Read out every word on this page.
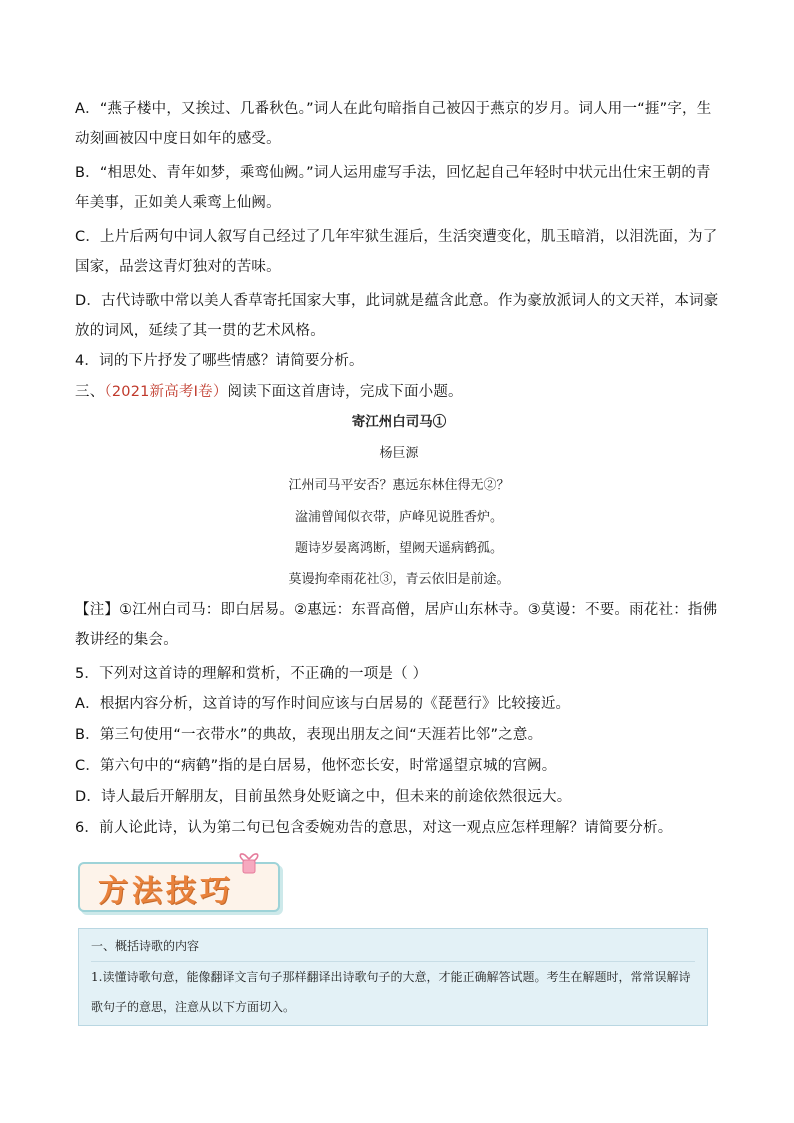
A．“燕子楼中，又挨过、几番秋色。”词人在此句暗指自己被囚于燕京的岁月。词人用一“捱”字，生动刻画被囚中度日如年的感受。

B．“相思处、青年如梦，乘鸾仙阙。”词人运用虚写手法，回忆起自己年轻时中状元出仕宋王朝的青年美事，正如美人乘鸾上仙阙。

C．上片后两句中词人叙写自己经过了几年牢狱生涯后，生活突遭变化，肌玉暗消，以泪洗面，为了国家，品尝这青灯独对的苦味。

D．古代诗歌中常以美人香草寄托国家大事，此词就是蕴含此意。作为豪放派词人的文天祥，本词豪放的词风，延续了其一贯的艺术风格。

4．词的下片抒发了哪些情感？请简要分析。

三、（2021新高考Ⅰ卷）阅读下面这首唐诗，完成下面小题。

寄江州白司马①
杨巨源
江州司马平安否？惠远东林住得无②？
湓浦曾闻似衣带，庐峰见说胜香炉。
题诗岁晏离鸿断，望阙天遥病鹤孤。
莫谩拘牵雨花社③，青云依旧是前途。

【注】①江州白司马：即白居易。②惠远：东晋高僧，居庐山东林寺。③莫谩：不要。雨花社：指佛教讲经的集会。

5．下列对这首诗的理解和赏析，不正确的一项是（ ）

A．根据内容分析，这首诗的写作时间应该与白居易的《琵琶行》比较接近。

B．第三句使用“一衣带水”的典故，表现出朋友之间“天涯若比邻”之意。

C．第六句中的“病鹤”指的是白居易，他怀恋长安，时常遥望京城的宫阙。

D．诗人最后开解朋友，目前虽然身处贬谪之中，但未来的前途依然很远大。

6．前人论此诗，认为第二句已包含委婉劝告的意思，对这一观点应怎样理解？请简要分析。

方法技巧
一、概括诗歌的内容
1.读懂诗歌句意，能像翻译文言句子那样翻译出诗歌句子的大意，才能正确解答试题。考生在解题时，常常误解诗歌句子的意思，注意从以下方面切入。
